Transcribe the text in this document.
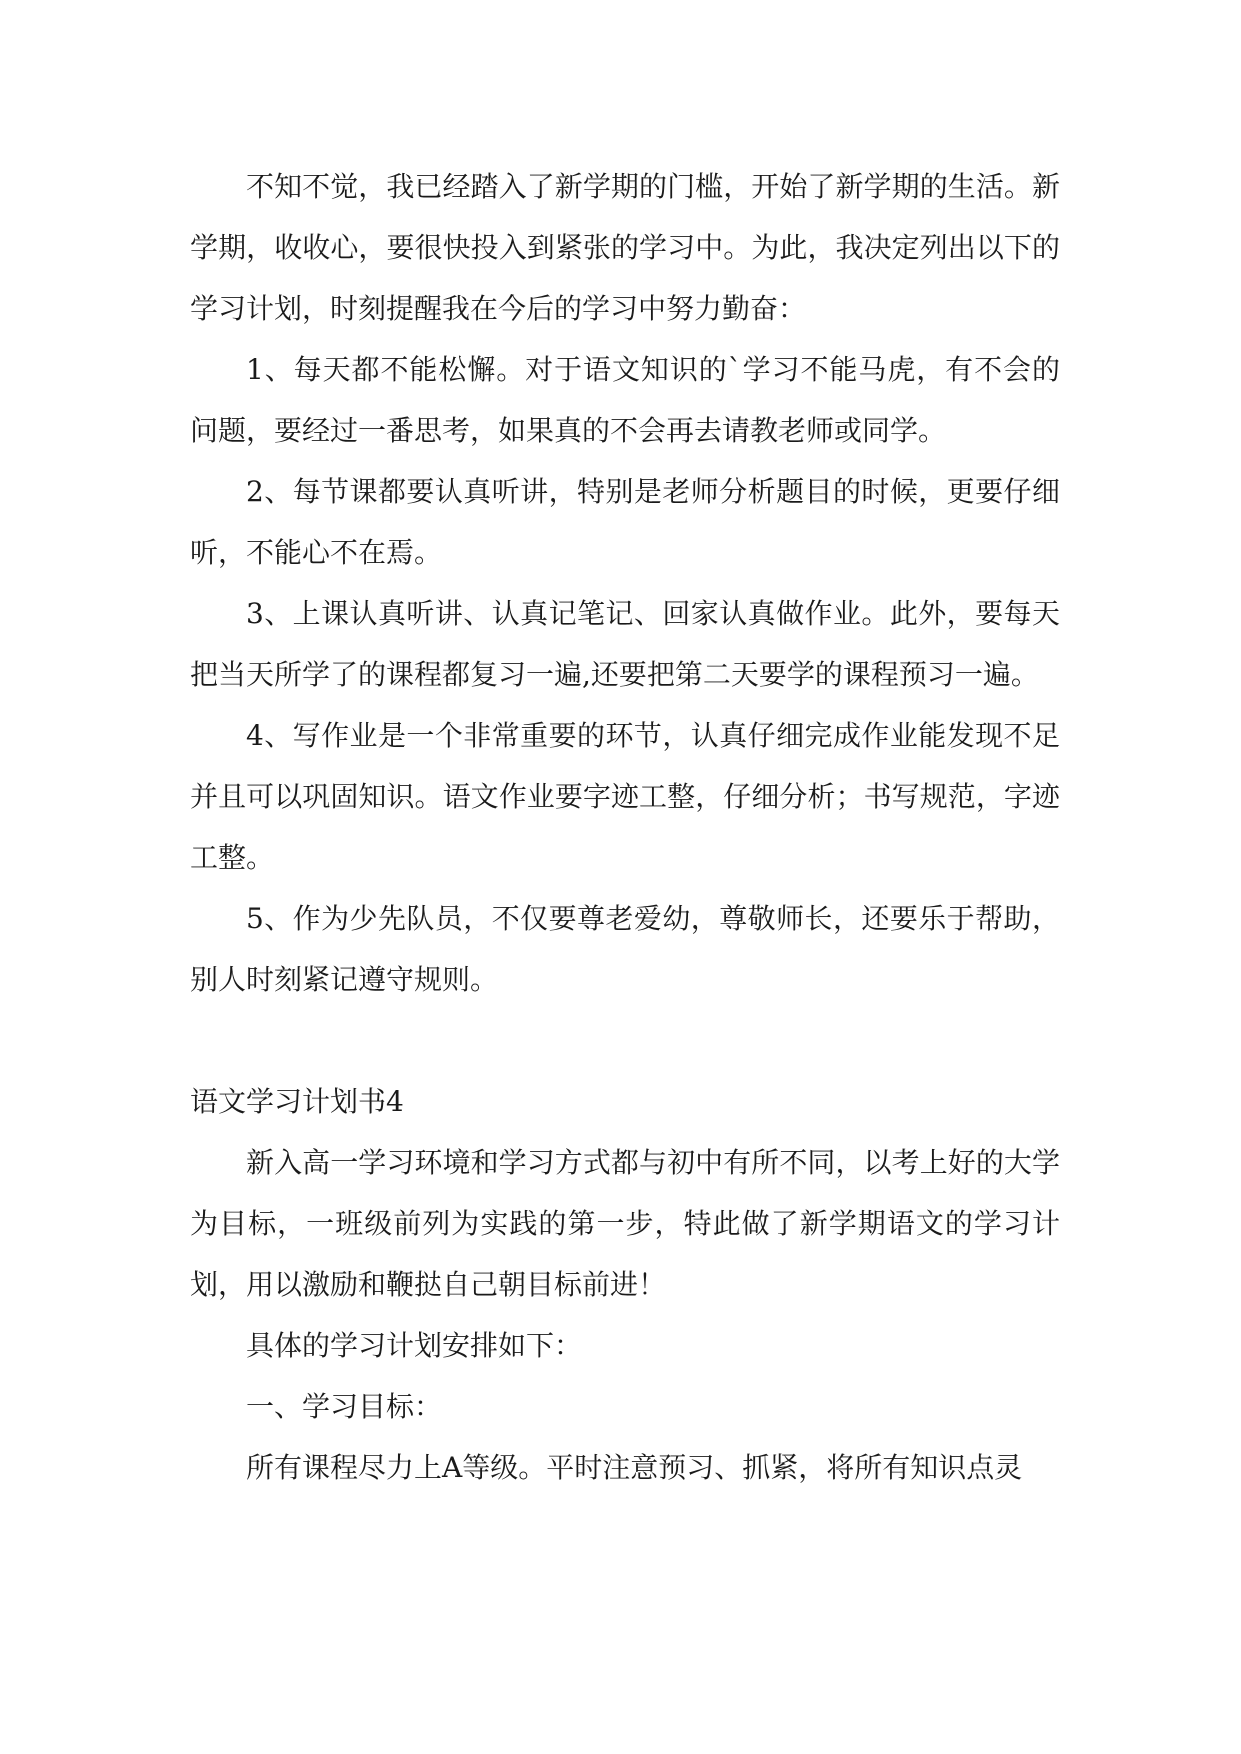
不知不觉，我已经踏入了新学期的门槛，开始了新学期的生活。新学期，收收心，要很快投入到紧张的学习中。为此，我决定列出以下的学习计划，时刻提醒我在今后的学习中努力勤奋：

1、每天都不能松懈。对于语文知识的`学习不能马虎，有不会的问题，要经过一番思考，如果真的不会再去请教老师或同学。

2、每节课都要认真听讲，特别是老师分析题目的时候，更要仔细听，不能心不在焉。

3、上课认真听讲、认真记笔记、回家认真做作业。此外，要每天把当天所学了的课程都复习一遍,还要把第二天要学的课程预习一遍。

4、写作业是一个非常重要的环节，认真仔细完成作业能发现不足并且可以巩固知识。语文作业要字迹工整，仔细分析；书写规范，字迹工整。

5、作为少先队员，不仅要尊老爱幼，尊敬师长，还要乐于帮助，别人时刻紧记遵守规则。

语文学习计划书4

新入高一学习环境和学习方式都与初中有所不同，以考上好的大学为目标，一班级前列为实践的第一步，特此做了新学期语文的学习计划，用以激励和鞭挞自己朝目标前进！

具体的学习计划安排如下：

一、学习目标：

所有课程尽力上A等级。平时注意预习、抓紧，将所有知识点灵
